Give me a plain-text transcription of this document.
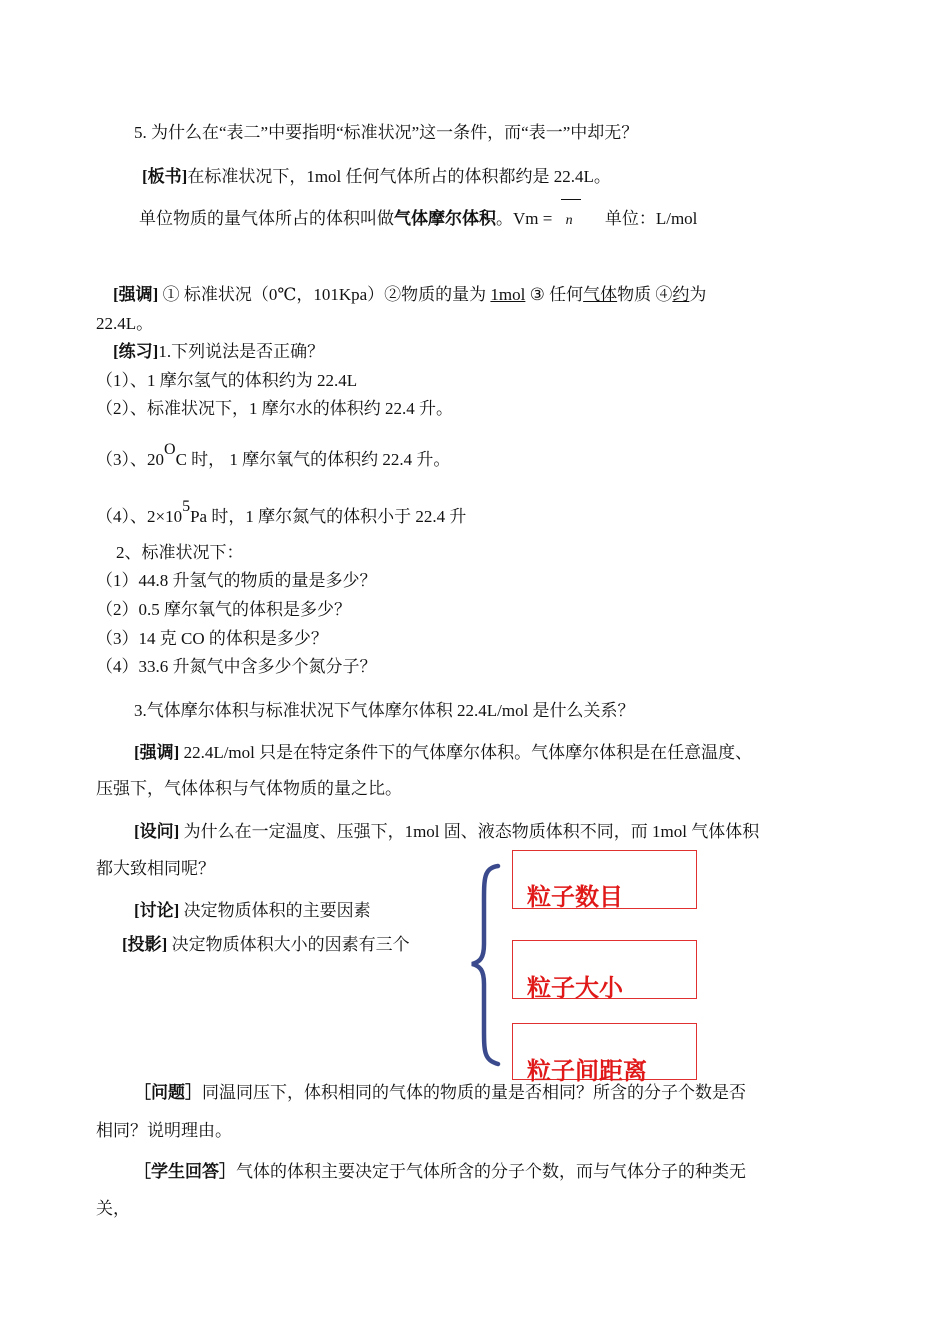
5. 为什么在“表二”中要指明“标准状况”这一条件，而“表一”中却无？
[板书]在标准状况下，1mol 任何气体所占的体积都约是 22.4L。
单位物质的量气体所占的体积叫做气体摩尔体积。Vm = n 单位：L/mol
[强调] ① 标准状况（0℃，101Kpa）②物质的量为 1mol ③ 任何气体物质 ④约为
22.4L。
[练习]1.下列说法是否正确？
（1）、1 摩尔氢气的体积约为 22.4L
（2）、标准状况下，1 摩尔水的体积约 22.4 升。
（3）、20OC 时， 1 摩尔氧气的体积约 22.4 升。
（4）、2×105Pa 时，1 摩尔氮气的体积小于 22.4 升
2、标准状况下：
（1）44.8 升氢气的物质的量是多少？
（2）0.5 摩尔氧气的体积是多少？
（3）14 克 CO 的体积是多少？
（4）33.6 升氮气中含多少个氮分子？
3.气体摩尔体积与标准状况下气体摩尔体积 22.4L/mol 是什么关系？
[强调] 22.4L/mol 只是在特定条件下的气体摩尔体积。气体摩尔体积是在任意温度、
压强下，气体体积与气体物质的量之比。
[设问] 为什么在一定温度、压强下，1mol 固、液态物质体积不同，而 1mol 气体体积
都大致相同呢？
[讨论] 决定物质体积的主要因素
[投影] 决定物质体积大小的因素有三个
粒子数目
粒子大小
粒子间距离
［问题］同温同压下，体积相同的气体的物质的量是否相同？所含的分子个数是否
相同？说明理由。
［学生回答］气体的体积主要决定于气体所含的分子个数，而与气体分子的种类无
关，
